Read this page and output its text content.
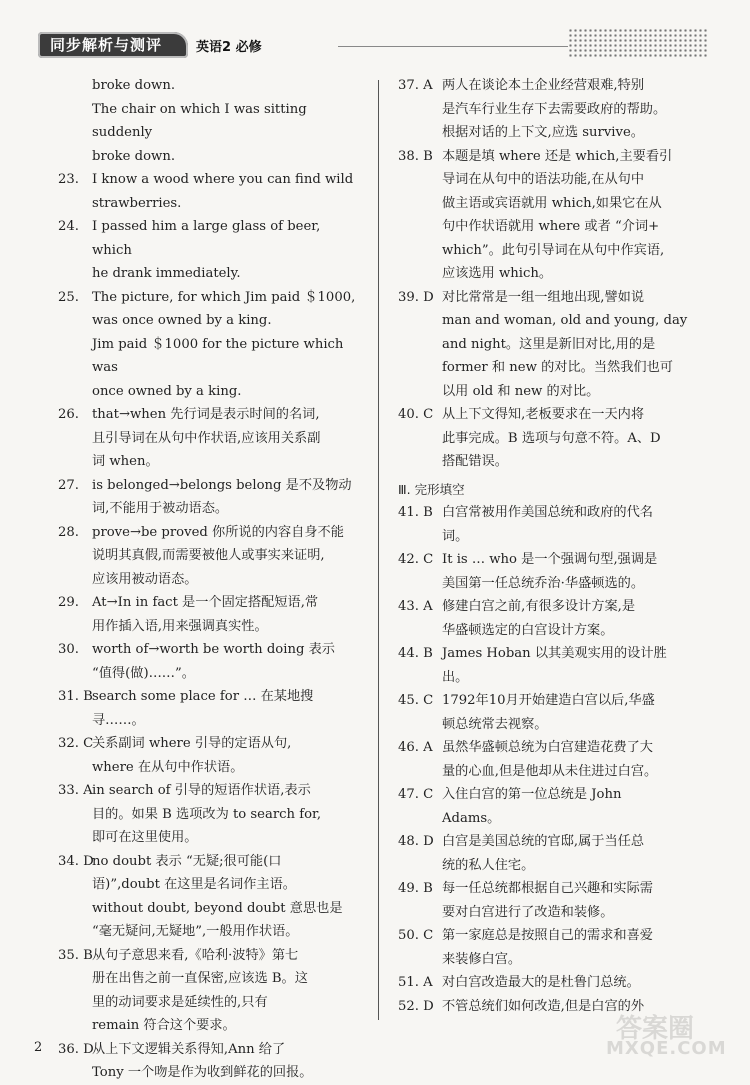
同步解析与测评	英语2 必修
broke down.
The chair on which I was sitting suddenly
broke down.
23. I know a wood where you can find wild
strawberries.
24. I passed him a large glass of beer, which
he drank immediately.
25. The picture, for which Jim paid ＄1000,
was once owned by a king.
Jim paid ＄1000 for the picture which was
once owned by a king.
26. that→when 先行词是表示时间的名词,
且引导词在从句中作状语,应该用关系副
词 when。
27. is belonged→belongs belong 是不及物动
词,不能用于被动语态。
28. prove→be proved 你所说的内容自身不能
说明其真假,而需要被他人或事实来证明,
应该用被动语态。
29. At→In in fact 是一个固定搭配短语,常
用作插入语,用来强调真实性。
30. worth of→worth be worth doing 表示
“值得(做)……”。
31. B search some place for … 在某地搜
寻……。
32. C
关系副词 where 引导的定语从句,
where 在从句中作状语。
33. A in search of 引导的短语作状语,表示
目的。如果 B 选项改为 to search for,
即可在这里使用。
34. D
no doubt 表示 “无疑;很可能(口
语)”,doubt 在这里是名词作主语。
without doubt, beyond doubt 意思也是
“毫无疑问,无疑地”,一般用作状语。
35. B 从句子意思来看,《哈利·波特》第七
册在出售之前一直保密,应该选 B。这
里的动词要求是延续性的,只有
remain 符合这个要求。
36. D
从上下文逻辑关系得知,Ann 给了
Tony 一个吻是作为收到鲜花的回报。
37. A 两人在谈论本土企业经营艰难,特别
是汽车行业生存下去需要政府的帮助。
根据对话的上下文,应选 survive。
38. B 本题是填 where 还是 which,主要看引
导词在从句中的语法功能,在从句中
做主语或宾语就用 which,如果它在从
句中作状语就用 where 或者 “介词+
which”。此句引导词在从句中作宾语,
应该选用 which。
39. D 对比常常是一组一组地出现,譬如说
man and woman, old and young, day
and night。这里是新旧对比,用的是
former 和 new 的对比。当然我们也可
以用 old 和 new 的对比。
40. C 从上下文得知,老板要求在一天内将
此事完成。B 选项与句意不符。A、D
搭配错误。

Ⅲ. 完形填空

41. B 白宫常被用作美国总统和政府的代名
词。
42. C It is … who 是一个强调句型,强调是
美国第一任总统乔治·华盛顿选的。
43. A 修建白宫之前,有很多设计方案,是
华盛顿选定的白宫设计方案。
44. B James Hoban 以其美观实用的设计胜
出。
45. C 1792年10月开始建造白宫以后,华盛
顿总统常去视察。
46. A 虽然华盛顿总统为白宫建造花费了大
量的心血,但是他却从未住进过白宫。
47. C 入住白宫的第一位总统是 John
Adams。
48. D 白宫是美国总统的官邸,属于当任总
统的私人住宅。
49. B 每一任总统都根据自己兴趣和实际需
要对白宫进行了改造和装修。
50. C 第一家庭总是按照自己的需求和喜爱
来装修白宫。
51. A 对白宫改造最大的是杜鲁门总统。
52. D 不管总统们如何改造,但是白宫的外
2
答案圈
MXQE.COM
